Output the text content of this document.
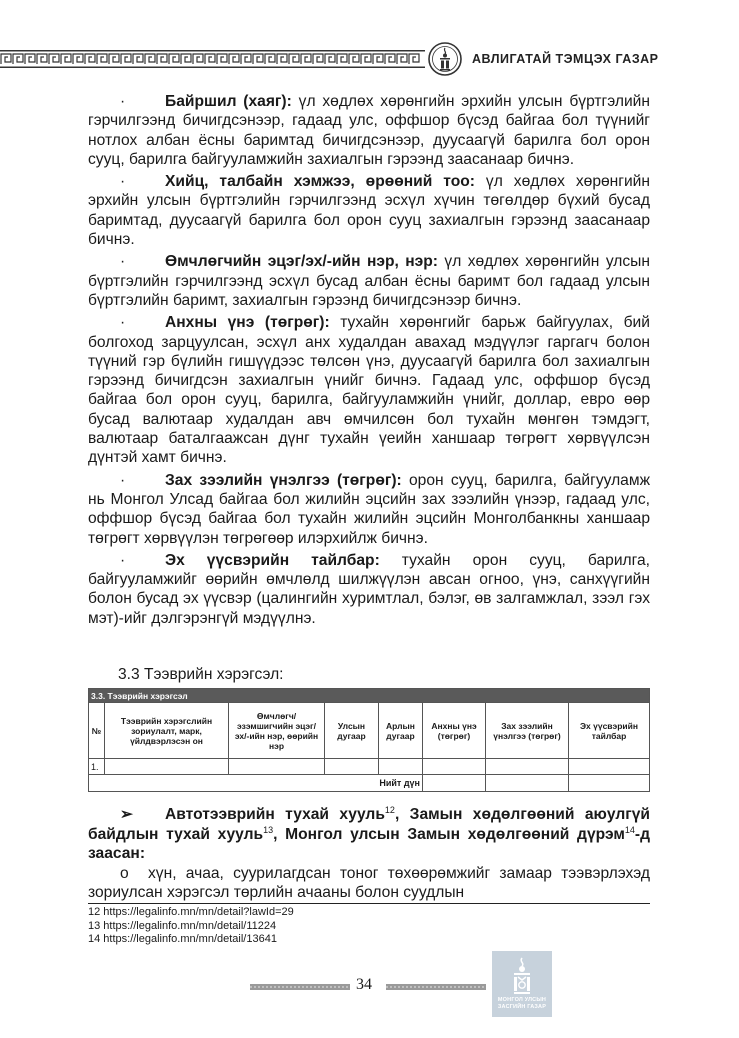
АВЛИГАТАЙ ТЭМЦЭХ ГАЗАР

·	Байршил (хаяг): үл хөдлөх хөрөнгийн эрхийн улсын бүртгэлийн гэрчилгээнд бичигдсэнээр, гадаад улс, оффшор бүсэд байгаа бол түүнийг нотлох албан ёсны баримтад бичигдсэнээр, дуусаагүй барилга бол орон сууц, барилга байгууламжийн захиалгын гэрээнд заасанаар бичнэ.

·	Хийц, талбайн хэмжээ, өрөөний тоо: үл хөдлөх хөрөнгийн эрхийн улсын бүртгэлийн гэрчилгээнд эсхүл хүчин төгөлдөр бүхий бусад баримтад, дуусаагүй барилга бол орон сууц захиалгын гэрээнд заасанаар бичнэ.

·	Өмчлөгчийн эцэг/эх/-ийн нэр, нэр: үл хөдлөх хөрөнгийн улсын бүртгэлийн гэрчилгээнд эсхүл бусад албан ёсны баримт бол гадаад улсын бүртгэлийн баримт, захиалгын гэрээнд бичигдсэнээр бичнэ.

·	Анхны үнэ (төгрөг): тухайн хөрөнгийг барьж байгуулах, бий болгоход зарцуулсан, эсхүл анх худалдан авахад мэдүүлэг гаргагч болон түүний гэр бүлийн гишүүдээс төлсөн үнэ, дуусаагүй барилга бол захиалгын гэрээнд бичигдсэн захиалгын үнийг бичнэ. Гадаад улс, оффшор бүсэд байгаа бол орон сууц, барилга, байгууламжийн үнийг, доллар, евро өөр бусад валютаар худалдан авч өмчилсөн бол тухайн мөнгөн тэмдэгт, валютаар баталгаажсан дүнг тухайн үеийн ханшаар төгрөгт хөрвүүлсэн дүнтэй хамт бичнэ.

·	Зах зээлийн үнэлгээ (төгрөг): орон сууц, барилга, байгууламж нь Монгол Улсад байгаа бол жилийн эцсийн зах зээлийн үнээр, гадаад улс, оффшор бүсэд байгаа бол тухайн жилийн эцсийн Монголбанкны ханшаар төгрөгт хөрвүүлэн төгрөгөөр илэрхийлж бичнэ.

·	Эх үүсвэрийн тайлбар: тухайн орон сууц, барилга, байгууламжийг өөрийн өмчлөлд шилжүүлэн авсан огноо, үнэ, санхүүгийн болон бусад эх үүсвэр (цалингийн хуримтлал, бэлэг, өв залгамжлал, зээл гэх мэт)-ийг дэлгэрэнгүй мэдүүлнэ.

3.3 Тээврийн хэрэгсэл:
3.3. Тээврийн хэрэгсэл							
№	Тээврийн хэрэгслийн зориулалт, марк, үйлдвэрлэсэн он	Өмчлөгч/ эзэмшигчийн эцэг/эх/-ийн нэр, өөрийн нэр	Улсын дугаар	Арлын дугаар	Анхны үнэ (төгрөг)	Зах зээлийн үнэлгээ (төгрөг)	Эх үүсвэрийн тайлбар
1.							
Нийт дүн							

➢ Автотээврийн тухай хууль$^{12}$, Замын хөдөлгөөний аюулгүй байдлын тухай хууль$^{13}$, Монгол улсын Замын хөдөлгөөний дүрэм$^{14}$-д заасан:

o хүн, ачаа, суурилагдсан тоног төхөөрөмжийг замаар тээвэрлэхэд зориулсан хэрэгсэл төрлийн ачааны болон суудлын

12 https://legalinfo.mn/mn/detail?lawId=29
13 https://legalinfo.mn/mn/detail/11224
14 https://legalinfo.mn/mn/detail/13641
34
МОНГОЛ УЛСЫН
ЗАСГИЙН ГАЗАР
